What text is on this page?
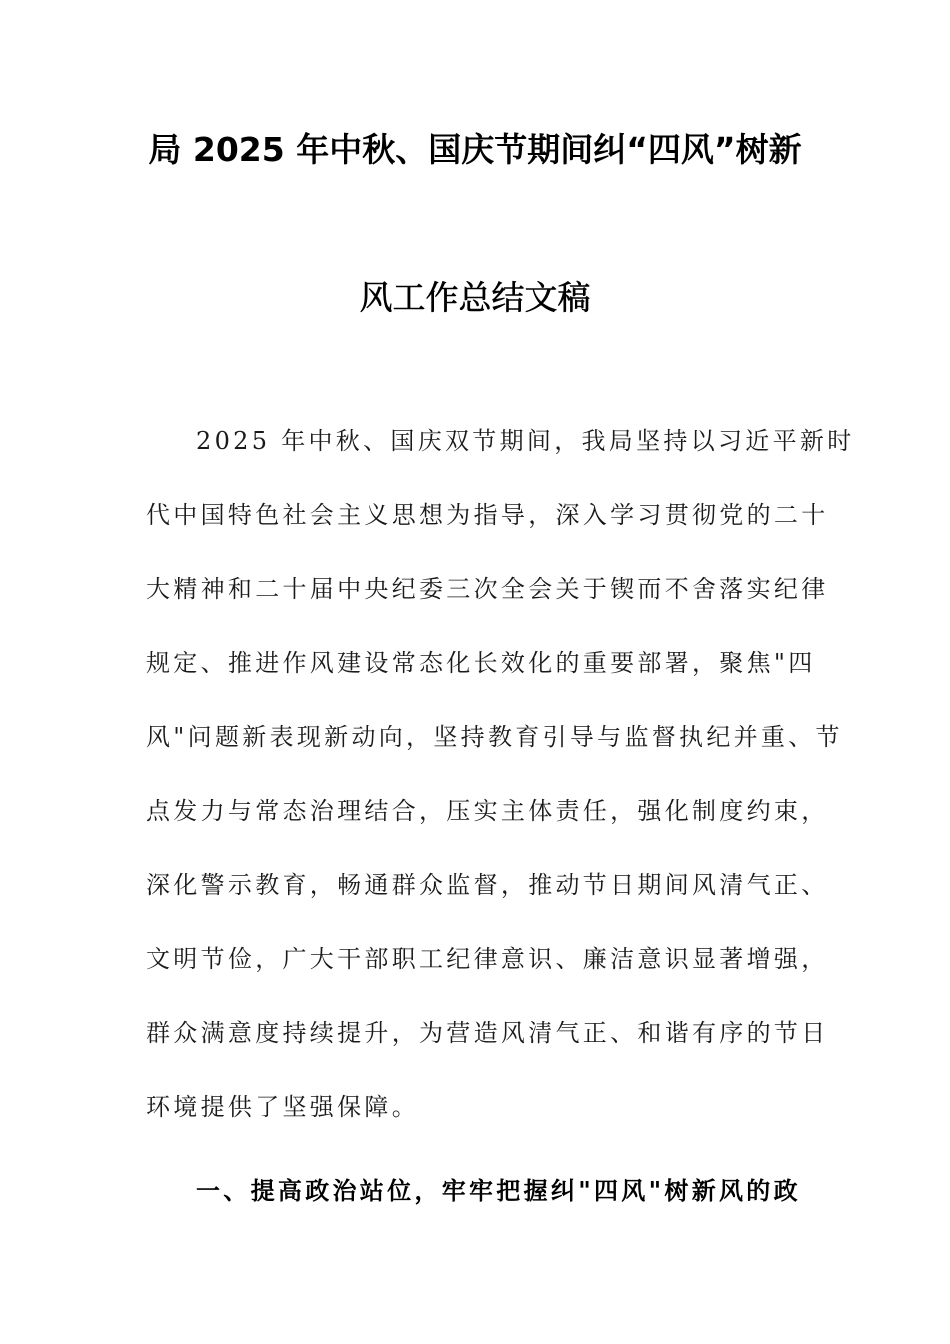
局 2025 年中秋、国庆节期间纠“四风”树新
风工作总结文稿
2025 年中秋、国庆双节期间，我局坚持以习近平新时
代中国特色社会主义思想为指导，深入学习贯彻党的二十
大精神和二十届中央纪委三次全会关于锲而不舍落实纪律
规定、推进作风建设常态化长效化的重要部署，聚焦"四
风"问题新表现新动向，坚持教育引导与监督执纪并重、节
点发力与常态治理结合，压实主体责任，强化制度约束，
深化警示教育，畅通群众监督，推动节日期间风清气正、
文明节俭，广大干部职工纪律意识、廉洁意识显著增强，
群众满意度持续提升，为营造风清气正、和谐有序的节日
环境提供了坚强保障。
一、提高政治站位，牢牢把握纠"四风"树新风的政
